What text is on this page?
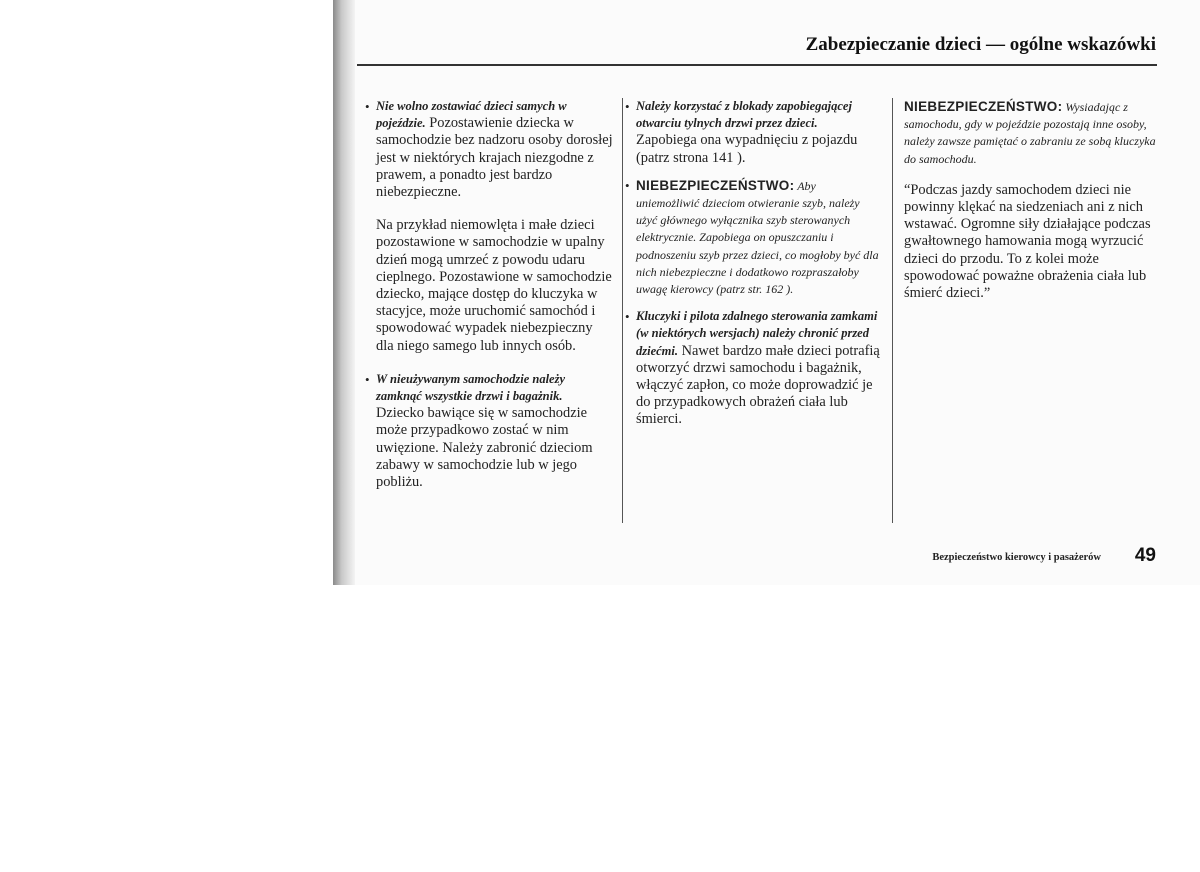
Zabezpieczanie dzieci — ogólne wskazówki
• Nie wolno zostawiać dzieci samych w pojeździe. Pozostawienie dziecka w samochodzie bez nadzoru osoby dorosłej jest w niektórych krajach niezgodne z prawem, a ponadto jest bardzo niebezpieczne.
Na przykład niemowlęta i małe dzieci pozostawione w samochodzie w upalny dzień mogą umrzeć z powodu udaru cieplnego. Pozostawione w samochodzie dziecko, mające dostęp do kluczyka w stacyjce, może uruchomić samochód i spowodować wypadek niebezpieczny dla niego samego lub innych osób.
• W nieużywanym samochodzie należy zamknąć wszystkie drzwi i bagażnik. Dziecko bawiące się w samochodzie może przypadkowo zostać w nim uwięzione. Należy zabronić dzieciom zabawy w samochodzie lub w jego pobliżu.
• Należy korzystać z blokady zapobiegającej otwarciu tylnych drzwi przez dzieci. Zapobiega ona wypadnięciu z pojazdu (patrz strona 141 ).
• NIEBEZPIECZEŃSTWO: Aby uniemożliwić dzieciom otwieranie szyb, należy użyć głównego wyłącznika szyb sterowanych elektrycznie. Zapobiega on opuszczaniu i podnoszeniu szyb przez dzieci, co mogłoby być dla nich niebezpieczne i dodatkowo rozpraszałoby uwagę kierowcy (patrz str. 162 ).
• Kluczyki i pilota zdalnego sterowania zamkami (w niektórych wersjach) należy chronić przed dziećmi. Nawet bardzo małe dzieci potrafią otworzyć drzwi samochodu i bagażnik, włączyć zapłon, co może doprowadzić je do przypadkowych obrażeń ciała lub śmierci.
NIEBEZPIECZEŃSTWO: Wysiadając z samochodu, gdy w pojeździe pozostają inne osoby, należy zawsze pamiętać o zabraniu ze sobą kluczyka do samochodu.
“Podczas jazdy samochodem dzieci nie powinny klękać na siedzeniach ani z nich wstawać. Ogromne siły działające podczas gwałtownego hamowania mogą wyrzucić dzieci do przodu. To z kolei może spowodować poważne obrażenia ciała lub śmierć dzieci.”
Bezpieczeństwo kierowcy i pasażerów 49
